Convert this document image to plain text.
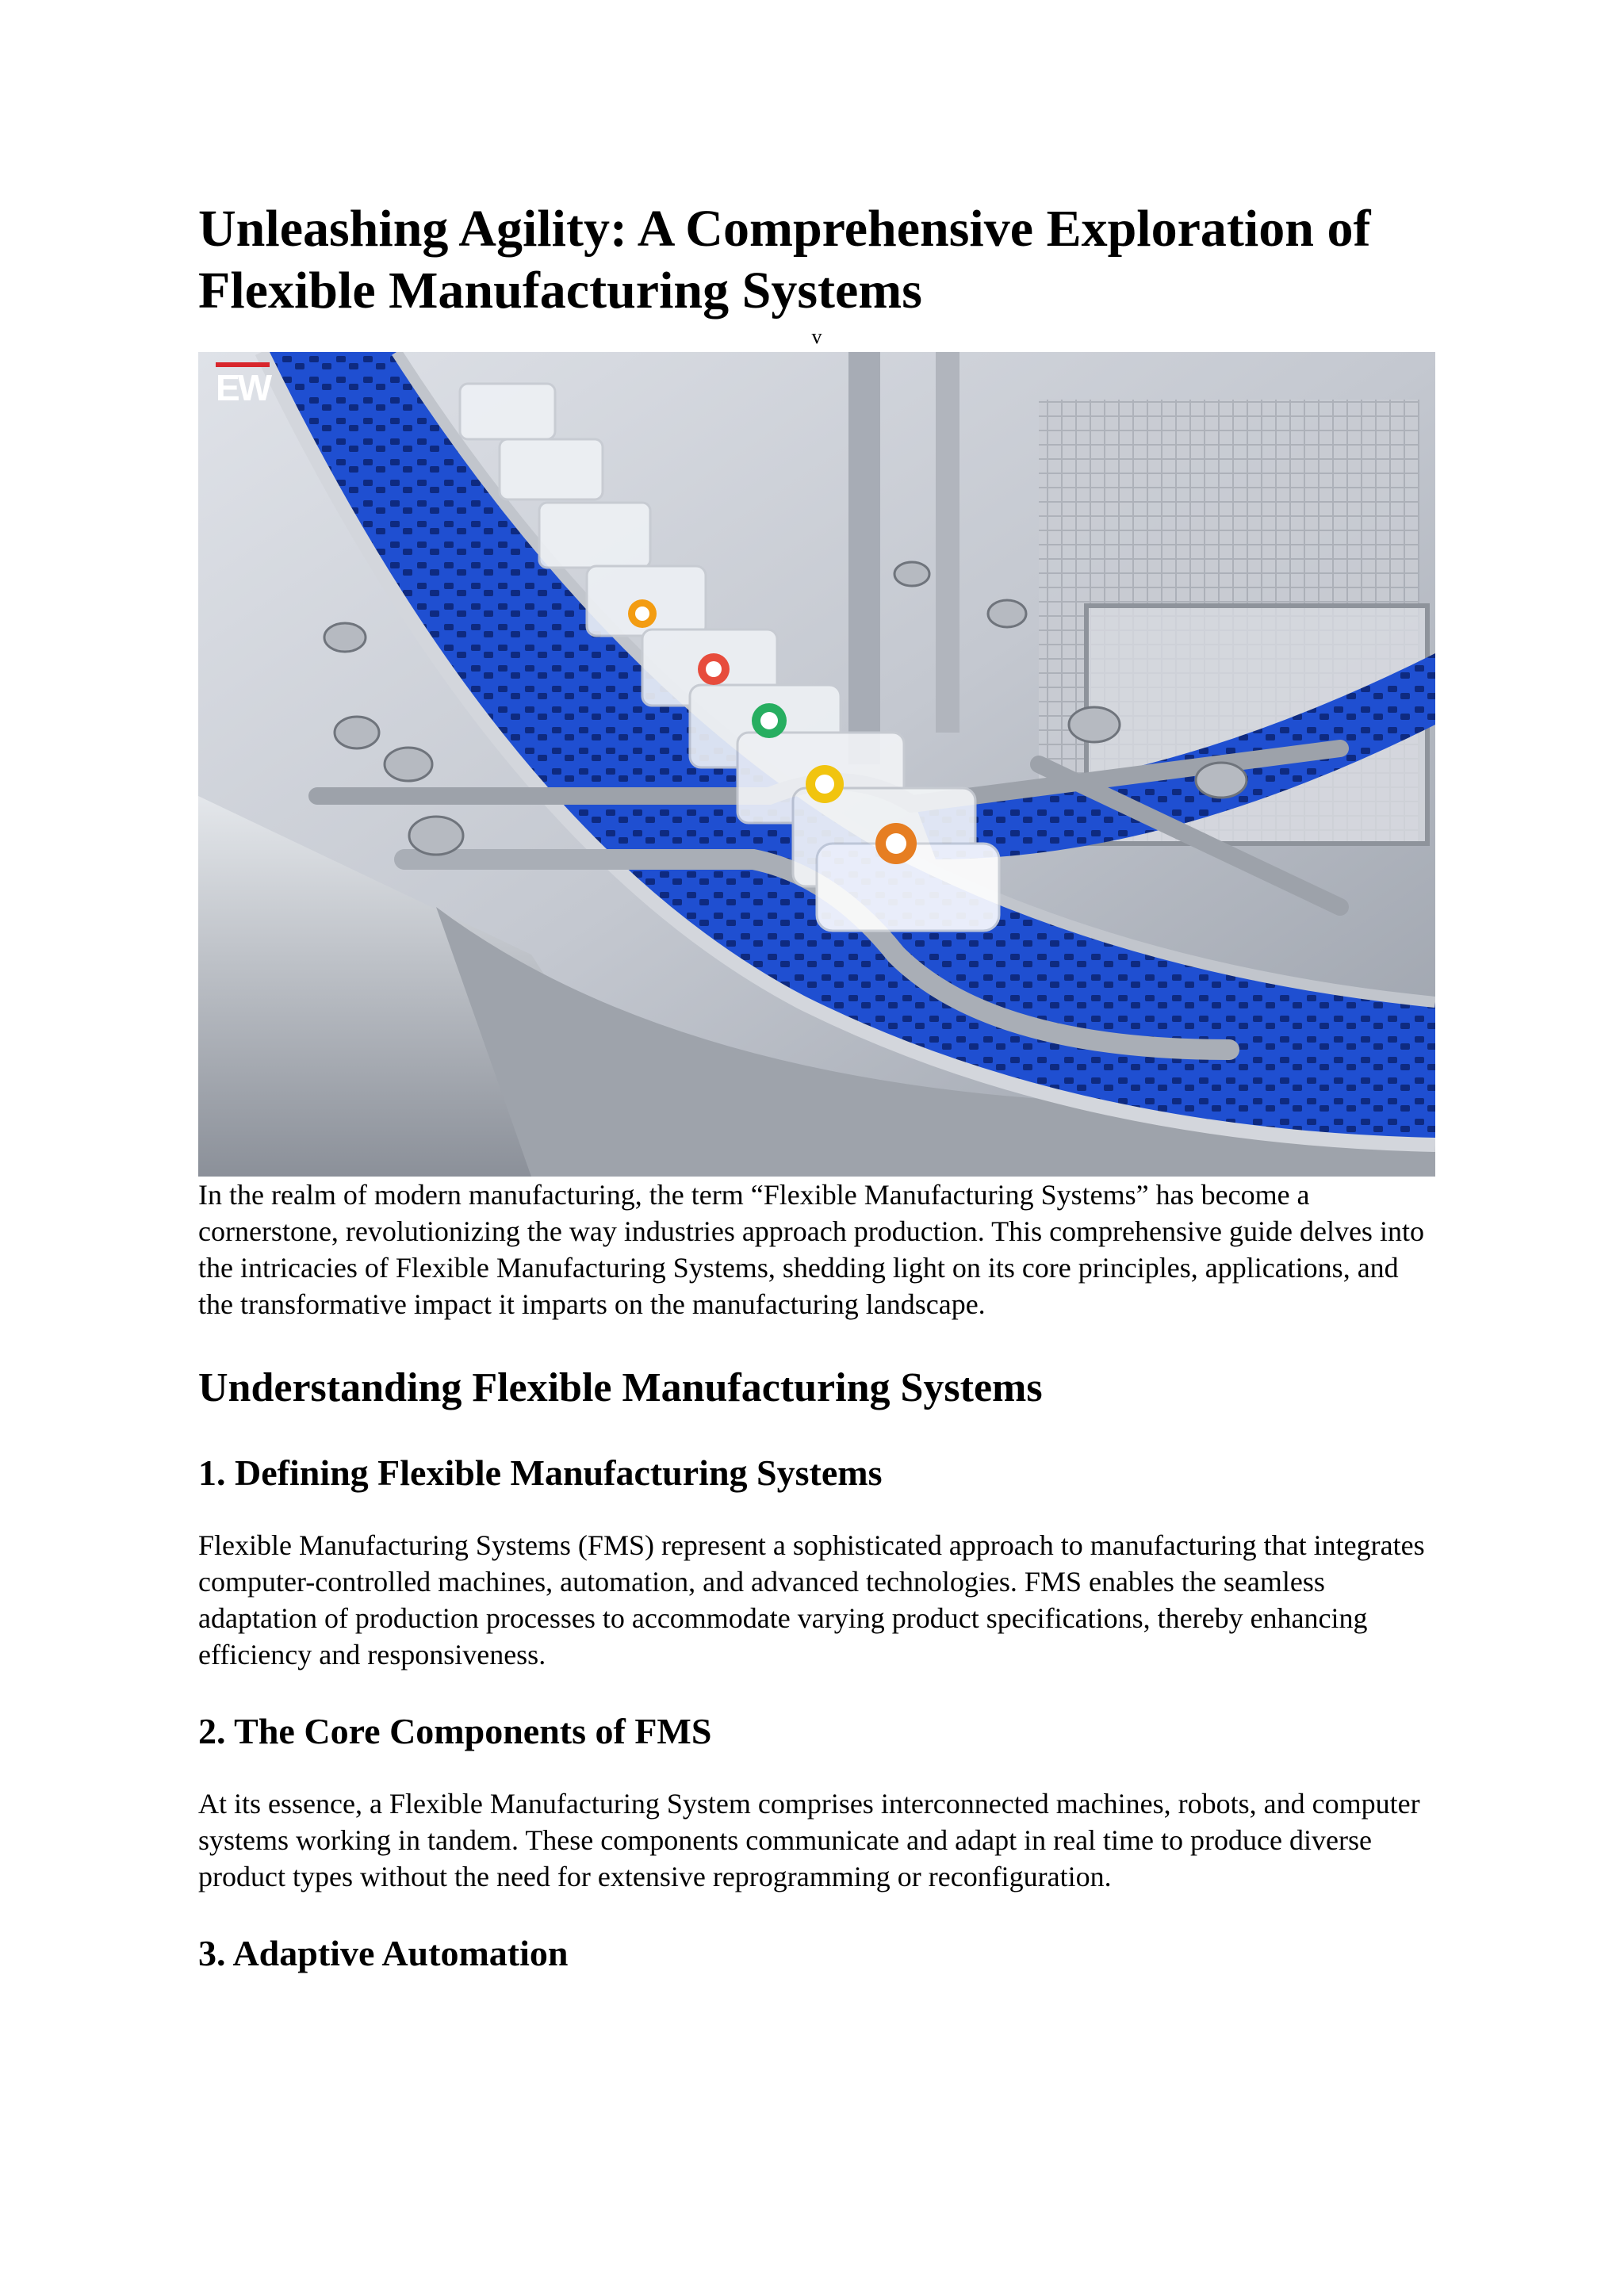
Unleashing Agility: A Comprehensive Exploration of Flexible Manufacturing Systems
v
EW

In the realm of modern manufacturing, the term “Flexible Manufacturing Systems” has become a cornerstone, revolutionizing the way industries approach production. This comprehensive guide delves into the intricacies of Flexible Manufacturing Systems, shedding light on its core principles, applications, and the transformative impact it imparts on the manufacturing landscape.

Understanding Flexible Manufacturing Systems
1. Defining Flexible Manufacturing Systems

Flexible Manufacturing Systems (FMS) represent a sophisticated approach to manufacturing that integrates computer-controlled machines, automation, and advanced technologies. FMS enables the seamless adaptation of production processes to accommodate varying product specifications, thereby enhancing efficiency and responsiveness.

2. The Core Components of FMS

At its essence, a Flexible Manufacturing System comprises interconnected machines, robots, and computer systems working in tandem. These components communicate and adapt in real time to produce diverse product types without the need for extensive reprogramming or reconfiguration.

3. Adaptive Automation
